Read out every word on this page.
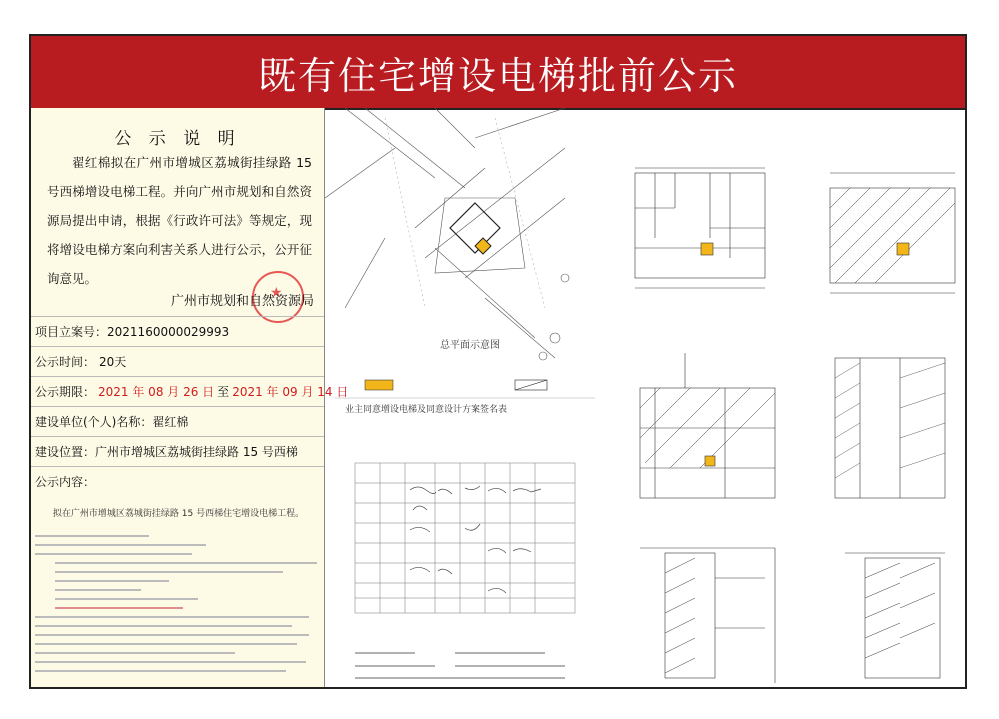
既有住宅增设电梯批前公示
公 示 说 明
翟红棉拟在广州市增城区荔城街挂绿路 15 号西梯增设电梯工程。并向广州市规划和自然资源局提出申请，根据《行政许可法》等规定，现将增设电梯方案向利害关系人进行公示，公开征询意见。
★
广州市规划和自然资源局
项目立案号： 2021160000029993
公示时间： 20天
公示期限： 2021 年 08 月 26 日 至 2021 年 09 月 14 日
建设单位(个人)名称： 翟红棉
建设位置： 广州市增城区荔城街挂绿路 15 号西梯
公示内容：
拟在广州市增城区荔城街挂绿路 15 号西梯住宅增设电梯工程。
总平面示意图
业主同意增设电梯及同意设计方案签名表
